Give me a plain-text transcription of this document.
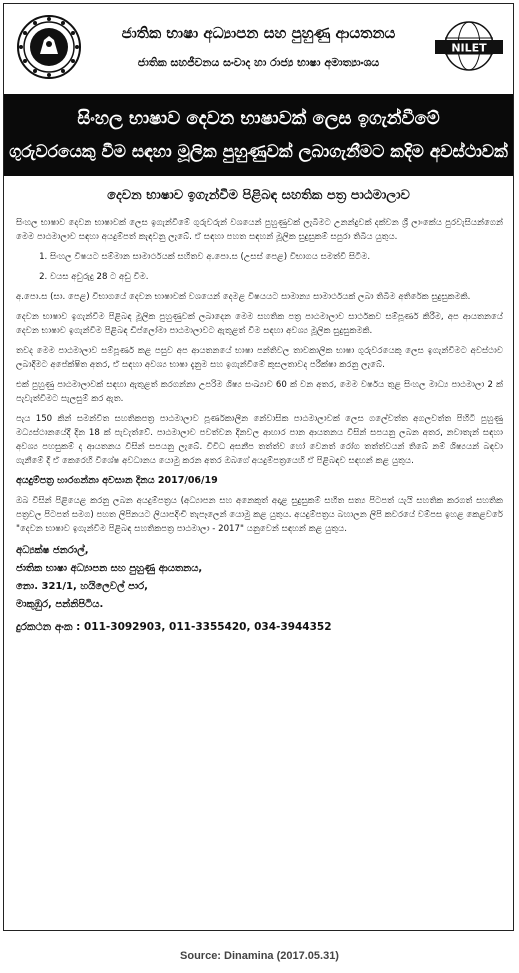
ජාතික භාෂා අධ්‍යාපන සහ පුහුණු ආයතනය
ජාතික සහජීවනය සංවාද හා රාජ්‍ය භාෂා අමාත්‍යාංශය
NILET
සිංහල භාෂාව දෙවන භාෂාවක් ලෙස ඉගැන්වීමේ
ගුරුවරයෙකු වීම සඳහා මූලික පුහුණුවක් ලබාගැනීමට කදිම අවස්ථාවක්
දෙවන භාෂාව ඉගැන්වීම පිළිබඳ සහතික පත්‍ර පාඨමාලාව

සිංහල භාෂාව දෙවන භාෂාවක් ලෙස ඉගැන්වීමේ ගුරුවරුන් වශයෙන් පුහුණුවක් ලැබීමට උනන්දුවක් දක්වන ශ්‍රී ලාංකේය පුරවැසියන්ගෙන් මෙම පාඨමාලාව සඳහා අයදුම්පත් කැඳවනු ලැබේ. ඒ සඳහා පහත සඳහන් මූලික සුදුසුකම් සපුරා තිබිය යුතුය.

1. සිංහල විෂයට සම්මාන සාමාර්ථයක් සහිතව අ.පො.ස (උසස් පෙළ) විභාගය සමත්වී සිටීම.
2. වයස අවුරුදු 28 ට අඩු වීම.

අ.පො.ස (සා. පෙළ) විභාගයේ දෙවන භාෂාවක් වශයෙන් දෙමළ විෂයයට සාමාන්‍ය සාමාර්ථයක් ලබා තිබීම අතිරේක සුදුසුකමකි.

දෙවන භාෂාව ඉගැන්වීම පිළිබඳ මූලික පුහුණුවක් ලබාදෙන මෙම සහතික පත්‍ර පාඨමාලාව සාර්ථකව සම්පූර්ණ කිරීම, අප ආයතනයේ දෙවන භාෂාව ඉගැන්වීම පිළිබඳ ඩිප්ලෝමා පාඨමාලාවට ඇතුළත් වීම සඳහා අවශ්‍ය මූලික සුදුසුකමකි.

තවද මෙම පාඨමාලාව සම්පූර්ණ කළ පසුව අප ආයතනයේ භාෂා පන්තිවල තාවකාලික භාෂා ගුරුවරයෙකු ලෙස ඉගැන්වීමට අවස්ථාව ලබාදීමට අපේක්ෂිත අතර, ඒ සඳහා අවශ්‍ය භාෂා දැනුම සහ ඉගැන්වීමේ කුසලතාවද පරීක්ෂා කරනු ලැබේ.

එක් පුහුණු පාඨමාලාවක් සඳහා ඇතුළත් කරගන්නා උපරිම ශිෂ්‍ය සංඛ්‍යාව 60 ක් වන අතර, මෙම වර්ෂය තුළ සිංහල මාධ්‍ය පාඨමාලා 2 ක් පැවැත්වීමට සැලසුම් කර ඇත.

පැය 150 කින් සමන්විත සහතිකපත්‍ර පාඨමාලාව පූර්ණකාලීන නේවාසික පාඨමාලාවක් ලෙස ගලේවත්ත අගලවත්ත පිහිටි පුහුණු මධ්‍යස්ථානයේදී දින 18 ක් පැවැත්වේ. පාඨමාලාව පවත්වන දිනවල ආහාර පාන ආයතනය විසින් සපයනු ලබන අතර, නවාතැන් සඳහා අවශ්‍ය පහසුකම් ද ආයතනය විසින් සපයනු ලැබේ. විවිධ අසනීප තත්ත්ව හෝ වෙනත් රෝග තත්ත්වයන් තිබේ නම් ශිෂ්‍යයන් බඳවා ගැනීමේ දී ඒ කෙරෙහි විශේෂ අවධානය යොමු කරන අතර ඔබගේ අයදුම්පත්‍රයෙහි ඒ පිළිබඳව සඳහන් කළ යුතුය.

අයදුම්පත්‍ර භාරගන්නා අවසාන දිනය 2017/06/19

ඔබ විසින් පිළියෙළ කරනු ලබන අයදුම්පත්‍රය (අධ්‍යාපන සහ අනෙකුත් අදාළ සුදුසුකම් සහිත සත්‍ය පිටපත් යැයි සහතික කරගත් සහතික පත්‍රවල පිටපත් සමග) පහත ලිපිනයට ලියාපදිංචි තැපෑලෙන් යොමු කළ යුතුය. අයදුම්පත්‍රය බහාලන ලිපි කවරයේ වම්පස ඉහළ කෙළවරේ "දෙවන භාෂාව ඉගැන්වීම පිළිබඳ සහතිකපත්‍ර පාඨමාලා - 2017" යනුවෙන් සඳහන් කළ යුතුය.

අධ්‍යක්ෂ ජනරාල්,
ජාතික භාෂා අධ්‍යාපන සහ පුහුණු ආයතනය,
නො. 321/1, හයිලෙවල් පාර,
මාකුඹුර, පන්නිපිටිය.
දුරකථන අංක : 011-3092903, 011-3355420, 034-3944352
Source: Dinamina (2017.05.31)
